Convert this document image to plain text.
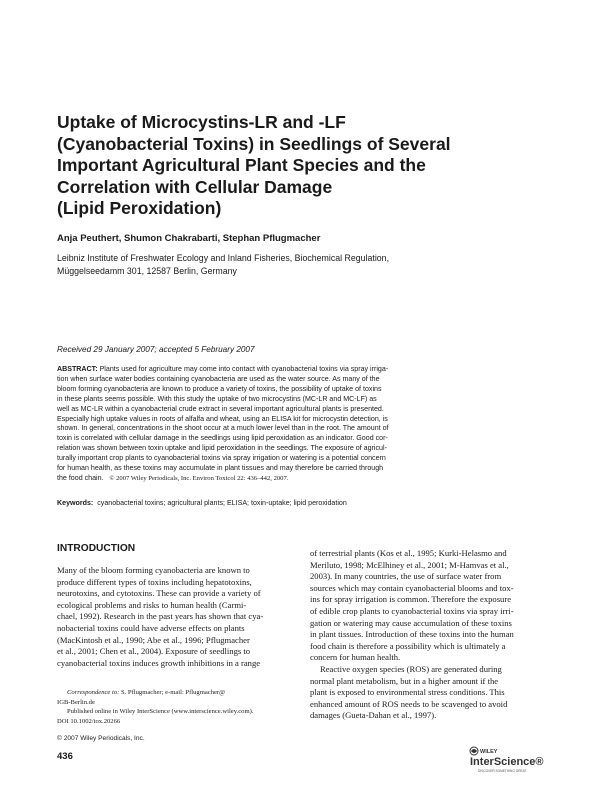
Uptake of Microcystins-LR and -LF
(Cyanobacterial Toxins) in Seedlings of Several
Important Agricultural Plant Species and the
Correlation with Cellular Damage
(Lipid Peroxidation)
Anja Peuthert, Shumon Chakrabarti, Stephan Pflugmacher
Leibniz Institute of Freshwater Ecology and Inland Fisheries, Biochemical Regulation,
Müggelseedamm 301, 12587 Berlin, Germany
Received 29 January 2007; accepted 5 February 2007
ABSTRACT: Plants used for agriculture may come into contact with cyanobacterial toxins via spray irriga-
tion when surface water bodies containing cyanobacteria are used as the water source. As many of the
bloom forming cyanobacteria are known to produce a variety of toxins, the possibility of uptake of toxins
in these plants seems possible. With this study the uptake of two microcystins (MC-LR and MC-LF) as
well as MC-LR within a cyanobacterial crude extract in several important agricultural plants is presented.
Especially high uptake values in roots of alfalfa and wheat, using an ELISA kit for microcystin detection, is
shown. In general, concentrations in the shoot occur at a much lower level than in the root. The amount of
toxin is correlated with cellular damage in the seedlings using lipid peroxidation as an indicator. Good cor-
relation was shown between toxin uptake and lipid peroxidation in the seedlings. The exposure of agricul-
turally important crop plants to cyanobacterial toxins via spray irrigation or watering is a potential concern
for human health, as these toxins may accumulate in plant tissues and may therefore be carried through
the food chain. © 2007 Wiley Periodicals, Inc. Environ Toxicol 22: 436–442, 2007.
Keywords: cyanobacterial toxins; agricultural plants; ELISA; toxin-uptake; lipid peroxidation
INTRODUCTION
Many of the bloom forming cyanobacteria are known to
produce different types of toxins including hepatotoxins,
neurotoxins, and cytotoxins. These can provide a variety of
ecological problems and risks to human health (Carmi-
chael, 1992). Research in the past years has shown that cya-
nobacterial toxins could have adverse effects on plants
(MacKintosh et al., 1990; Abe et al., 1996; Pflugmacher
et al., 2001; Chen et al., 2004). Exposure of seedlings to
cyanobacterial toxins induces growth inhibitions in a range
of terrestrial plants (Kos et al., 1995; Kurki-Helasmo and
Meriluto, 1998; McElhiney et al., 2001; M-Hamvas et al.,
2003). In many countries, the use of surface water from
sources which may contain cyanobacterial blooms and tox-
ins for spray irrigation is common. Therefore the exposure
of edible crop plants to cyanobacterial toxins via spray irri-
gation or watering may cause accumulation of these toxins
in plant tissues. Introduction of these toxins into the human
food chain is therefore a possibility which is ultimately a
concern for human health.
Reactive oxygen species (ROS) are generated during
normal plant metabolism, but in a higher amount if the
plant is exposed to environmental stress conditions. This
enhanced amount of ROS needs to be scavenged to avoid
damages (Gueta-Dahan et al., 1997).
Correspondence to: S. Pflugmacher; e-mail: Pflugmacher@
IGB-Berlin.de
Published online in Wiley InterScience (www.interscience.wiley.com).
DOI 10.1002/tox.20266
© 2007 Wiley Periodicals, Inc.
436	WILEY
InterScience®
DISCOVER SOMETHING GREAT
